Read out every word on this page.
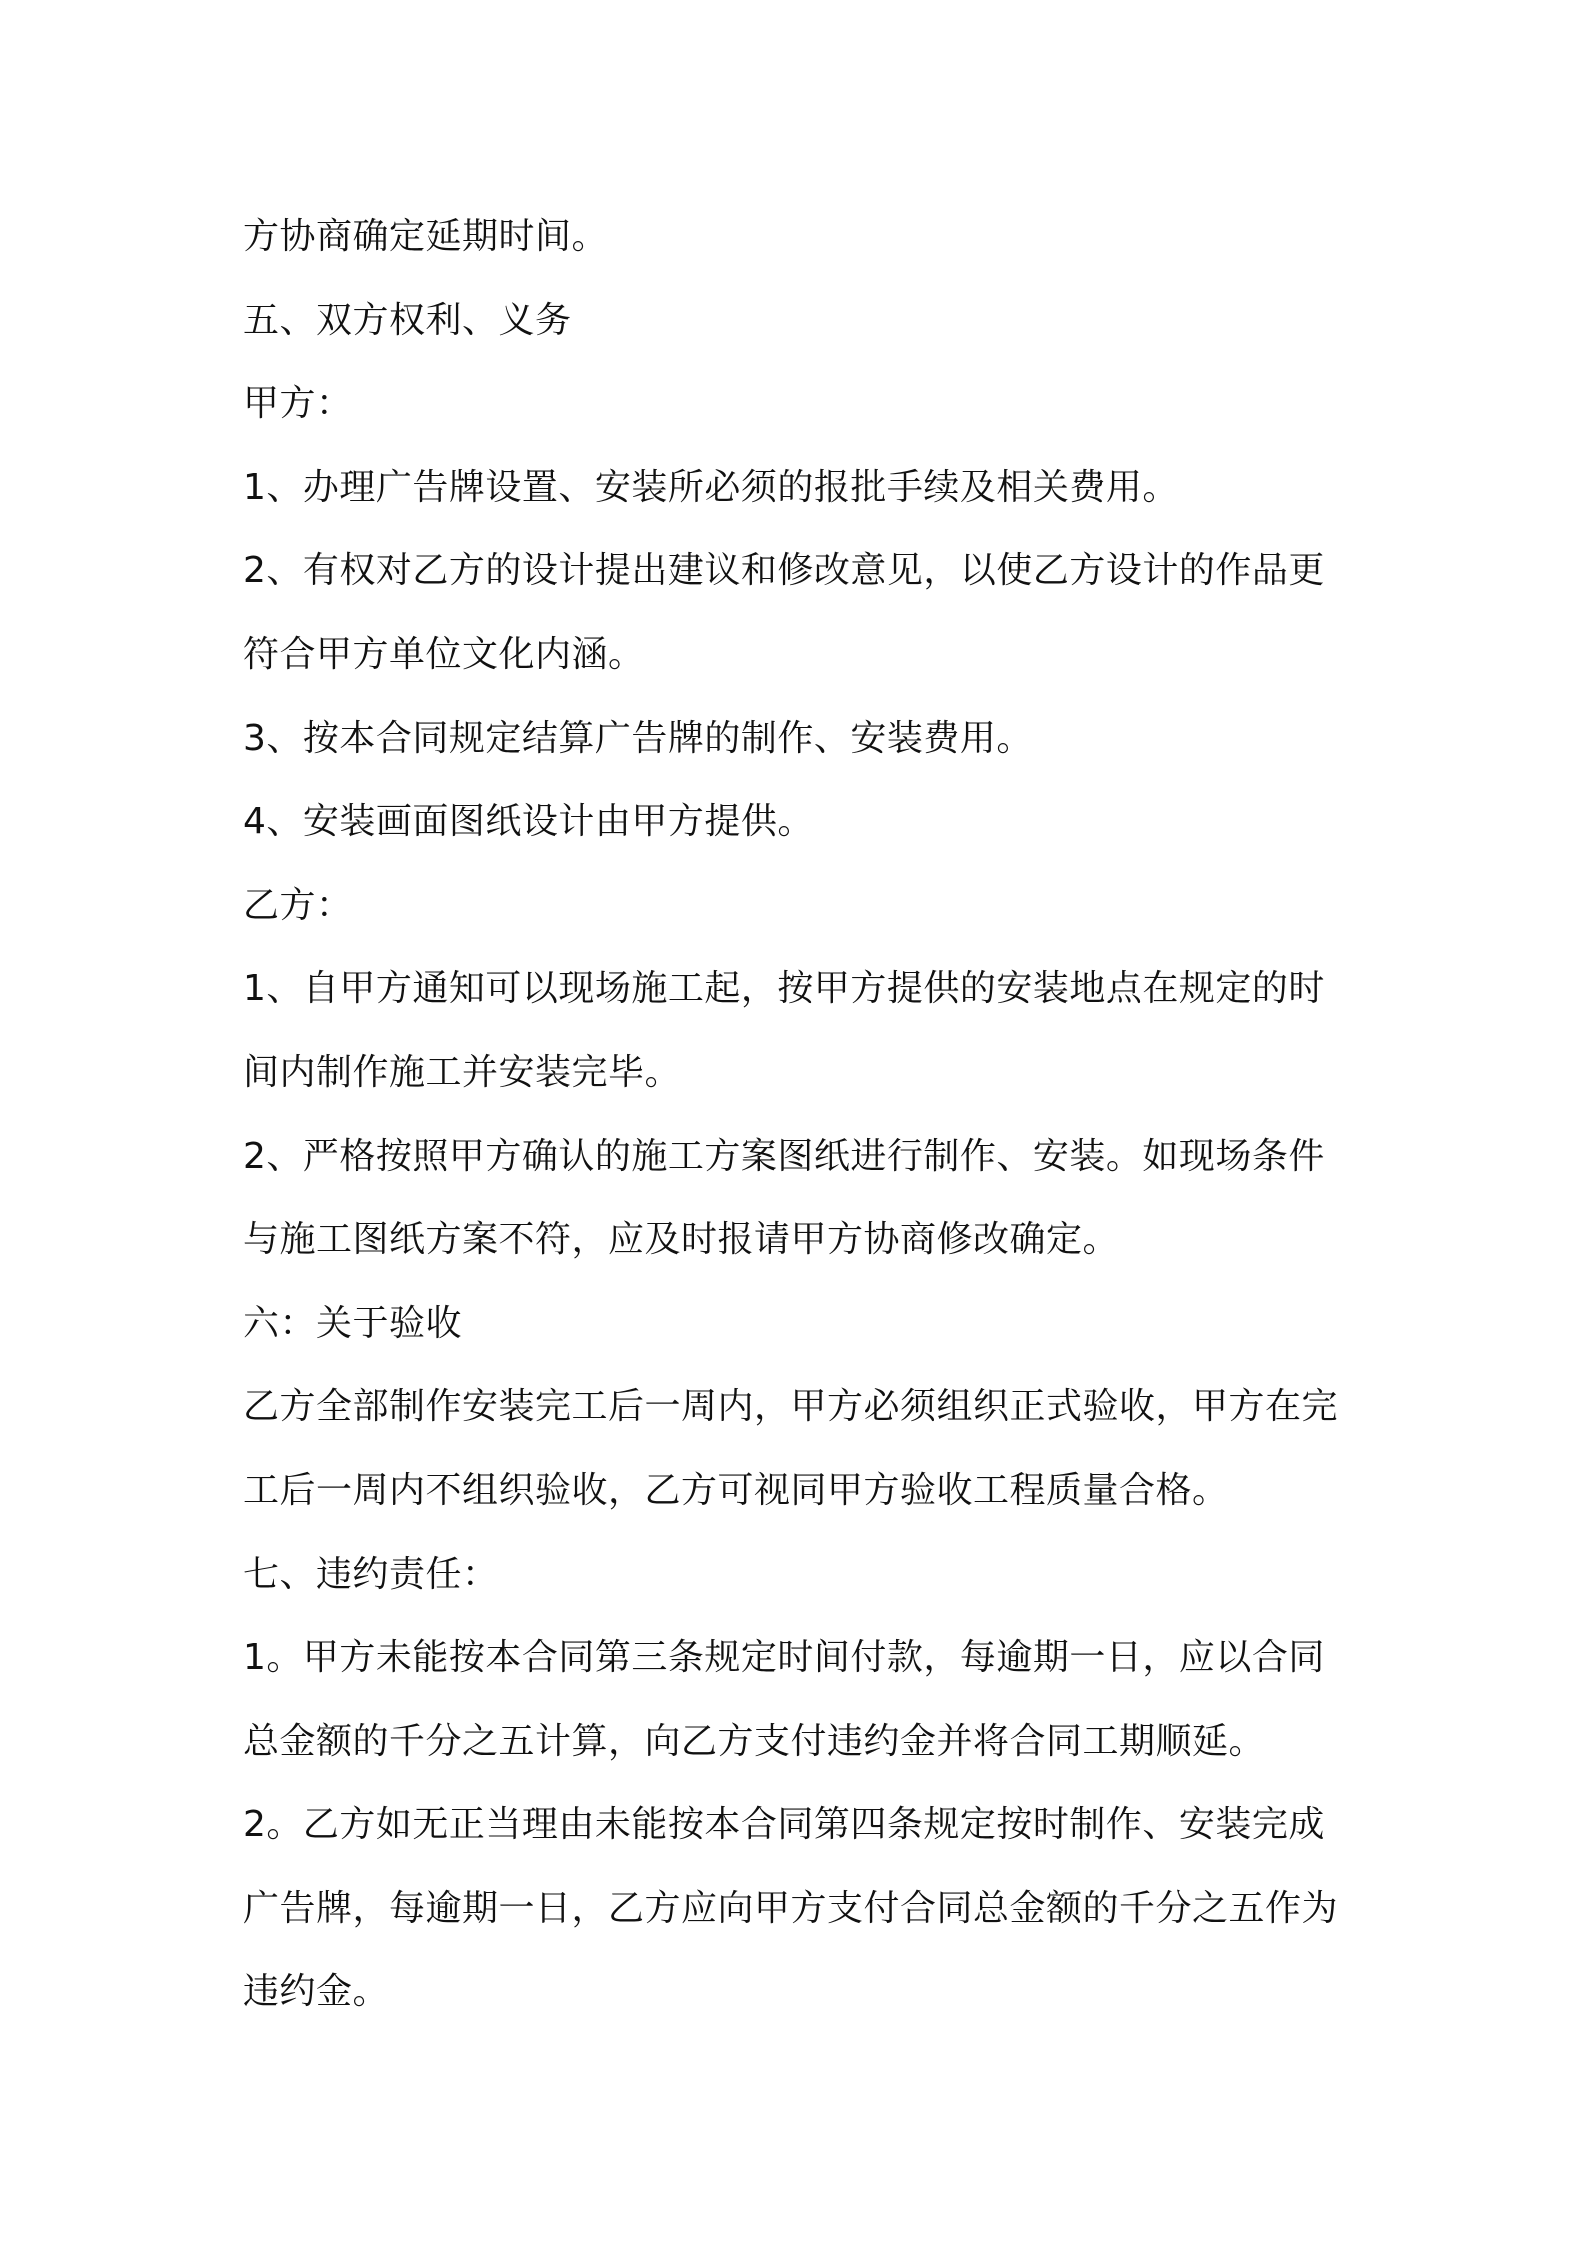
方协商确定延期时间。
五、双方权利、义务
甲方：
1、办理广告牌设置、安装所必须的报批手续及相关费用。
2、有权对乙方的设计提出建议和修改意见，以使乙方设计的作品更
符合甲方单位文化内涵。
3、按本合同规定结算广告牌的制作、安装费用。
4、安装画面图纸设计由甲方提供。
乙方：
1、自甲方通知可以现场施工起，按甲方提供的安装地点在规定的时
间内制作施工并安装完毕。
2、严格按照甲方确认的施工方案图纸进行制作、安装。如现场条件
与施工图纸方案不符，应及时报请甲方协商修改确定。
六：关于验收
乙方全部制作安装完工后一周内，甲方必须组织正式验收，甲方在完
工后一周内不组织验收，乙方可视同甲方验收工程质量合格。
七、违约责任：
1。甲方未能按本合同第三条规定时间付款，每逾期一日，应以合同
总金额的千分之五计算，向乙方支付违约金并将合同工期顺延。
2。乙方如无正当理由未能按本合同第四条规定按时制作、安装完成
广告牌，每逾期一日，乙方应向甲方支付合同总金额的千分之五作为
违约金。
